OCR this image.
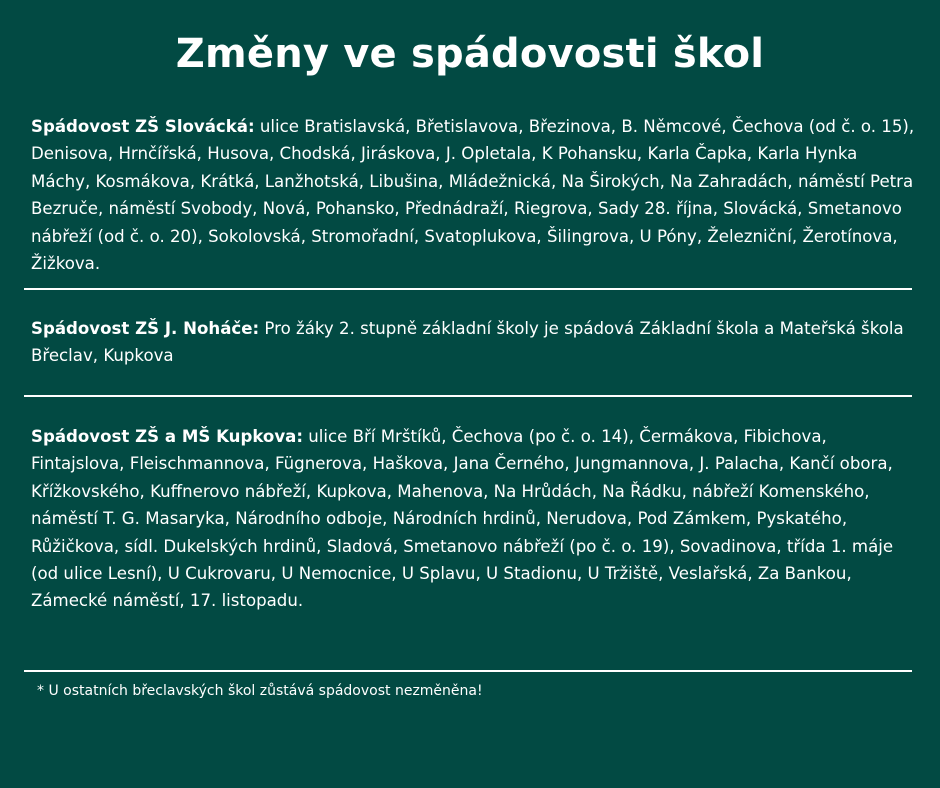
Změny ve spádovosti škol
Spádovost ZŠ Slovácká: ulice Bratislavská, Břetislavova, Březinova, B. Němcové, Čechova (od č. o. 15), Denisova, Hrnčířská, Husova, Chodská, Jiráskova, J. Opletala, K Pohansku, Karla Čapka, Karla Hynka Máchy, Kosmákova, Krátká, Lanžhotská, Libušina, Mládežnická, Na Širokých, Na Zahradách, náměstí Petra Bezruče, náměstí Svobody, Nová, Pohansko, Přednádraží, Riegrova, Sady 28. října, Slovácká, Smetanovo nábřeží (od č. o. 20), Sokolovská, Stromořadní, Svatoplukova, Šilingrova, U Póny, Železniční, Žerotínova, Žižkova.
Spádovost ZŠ J. Noháče: Pro žáky 2. stupně základní školy je spádová Základní škola a Mateřská škola Břeclav, Kupkova
Spádovost ZŠ a MŠ Kupkova: ulice Bří Mrštíků, Čechova (po č. o. 14), Čermákova, Fibichova, Fintajslova, Fleischmannova, Fügnerova, Haškova, Jana Černého, Jungmannova, J. Palacha, Kančí obora, Křížkovského, Kuffnerovo nábřeží, Kupkova, Mahenova, Na Hrůdách, Na Řádku, nábřeží Komenského, náměstí T. G. Masaryka, Národního odboje, Národních hrdinů, Nerudova, Pod Zámkem, Pyskatého, Růžičkova, sídl. Dukelských hrdinů, Sladová, Smetanovo nábřeží (po č. o. 19), Sovadinova, třída 1. máje (od ulice Lesní), U Cukrovaru, U Nemocnice, U Splavu, U Stadionu, U Tržiště, Veslařská, Za Bankou, Zámecké náměstí, 17. listopadu.
* U ostatních břeclavských škol zůstává spádovost nezměněna!
